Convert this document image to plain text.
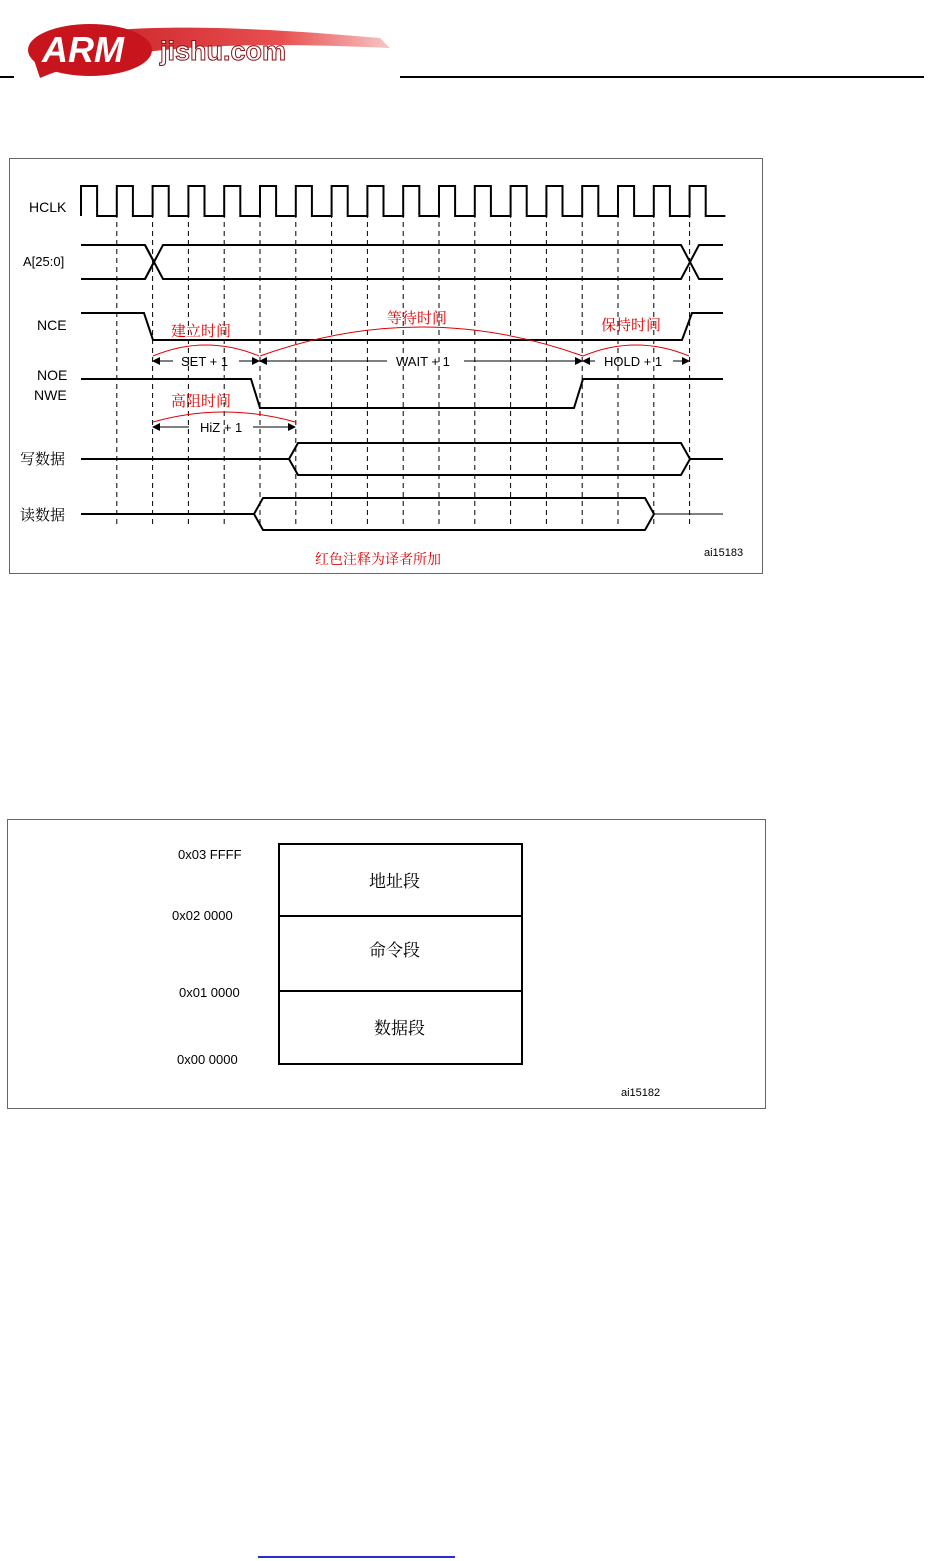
ARM jishu.com
HCLK
A[25:0]
NCE
NOE
NWE
写数据
读数据
SET + 1	WAIT + 1	HOLD + 1
HiZ + 1
建立时间
等待时间	保持时间
高阻时间
红色注释为译者所加	ai15183
地址段
命令段
数据段
0x03 FFFF
0x02 0000
0x01 0000
0x00 0000
ai15182
